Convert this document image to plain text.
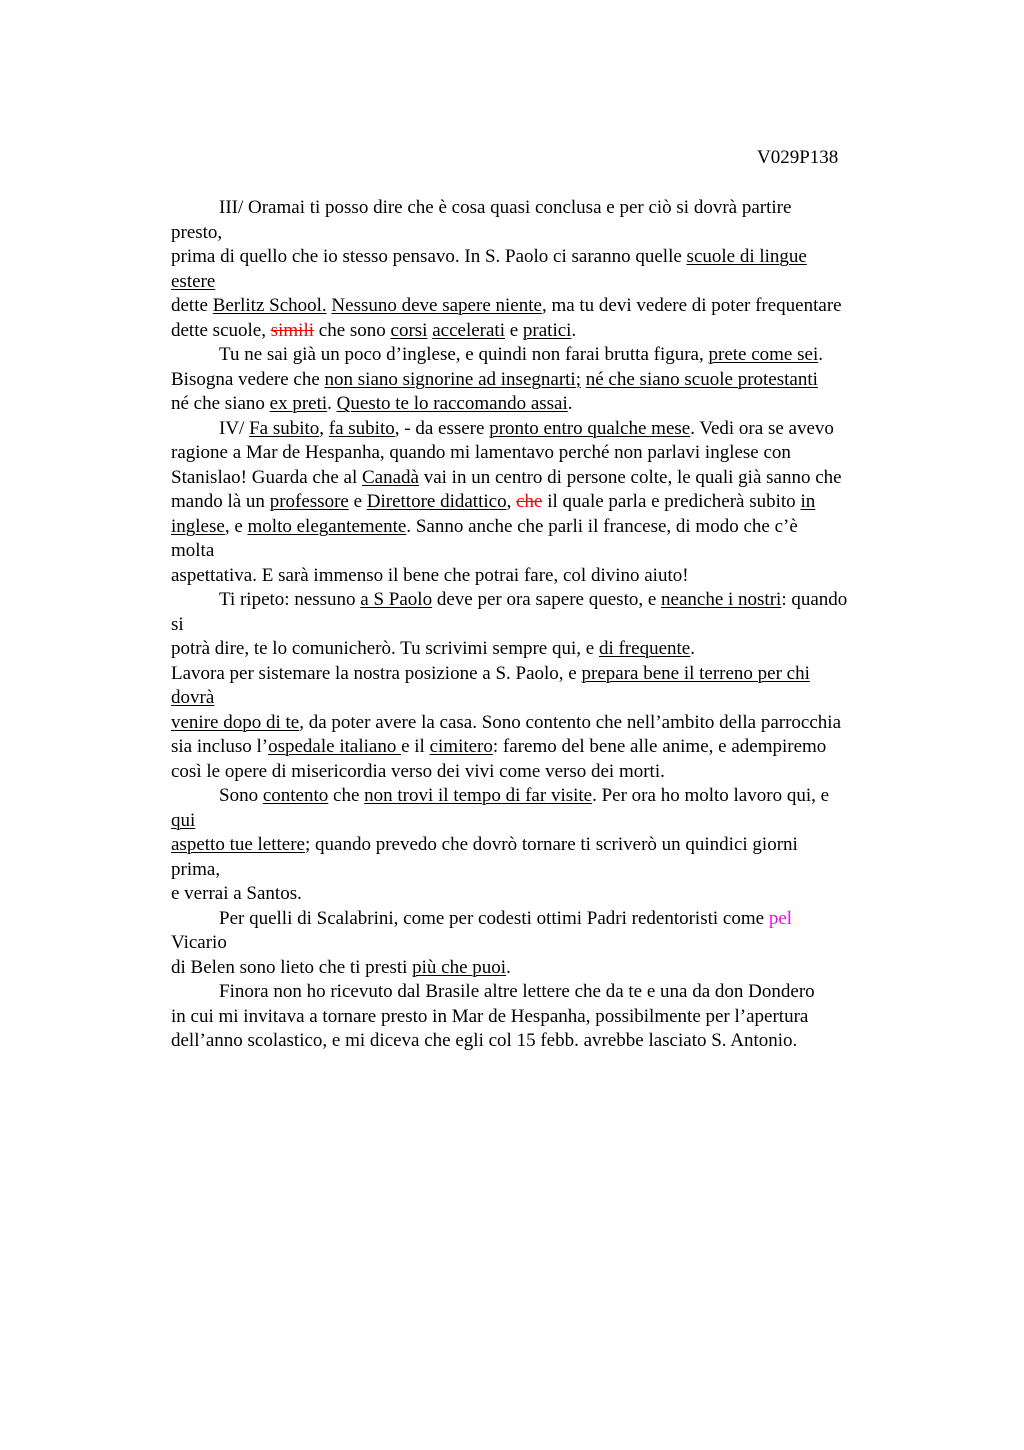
V029P138
III/ Oramai ti posso dire che è cosa quasi conclusa e per ciò si dovrà partire
presto,
prima di quello che io stesso pensavo. In S. Paolo ci saranno quelle scuole di lingue
estere
dette Berlitz School. Nessuno deve sapere niente, ma tu devi vedere di poter frequentare
dette scuole, simili che sono corsi accelerati e pratici.
Tu ne sai già un poco d’inglese, e quindi non farai brutta figura, prete come sei.
Bisogna vedere che non siano signorine ad insegnarti; né che siano scuole protestanti
né che siano ex preti. Questo te lo raccomando assai.
IV/ Fa subito, fa subito, - da essere pronto entro qualche mese. Vedi ora se avevo
ragione a Mar de Hespanha, quando mi lamentavo perché non parlavi inglese con
Stanislao! Guarda che al Canadà vai in un centro di persone colte, le quali già sanno che
mando là un professore e Direttore didattico, che il quale parla e predicherà subito in
inglese, e molto elegantemente. Sanno anche che parli il francese, di modo che c’è
molta
aspettativa. E sarà immenso il bene che potrai fare, col divino aiuto!
Ti ripeto: nessuno a S Paolo deve per ora sapere questo, e neanche i nostri: quando
si
potrà dire, te lo comunicherò. Tu scrivimi sempre qui, e di frequente.
Lavora per sistemare la nostra posizione a S. Paolo, e prepara bene il terreno per chi
dovrà
venire dopo di te, da poter avere la casa. Sono contento che nell’ambito della parrocchia
sia incluso l’ospedale italiano e il cimitero: faremo del bene alle anime, e adempiremo
così le opere di misericordia verso dei vivi come verso dei morti.
Sono contento che non trovi il tempo di far visite. Per ora ho molto lavoro qui, e
qui
aspetto tue lettere; quando prevedo che dovrò tornare ti scriverò un quindici giorni
prima,
e verrai a Santos.
Per quelli di Scalabrini, come per codesti ottimi Padri redentoristi come pel
Vicario
di Belen sono lieto che ti presti più che puoi.
Finora non ho ricevuto dal Brasile altre lettere che da te e una da don Dondero
in cui mi invitava a tornare presto in Mar de Hespanha, possibilmente per l’apertura
dell’anno scolastico, e mi diceva che egli col 15 febb. avrebbe lasciato S. Antonio.
